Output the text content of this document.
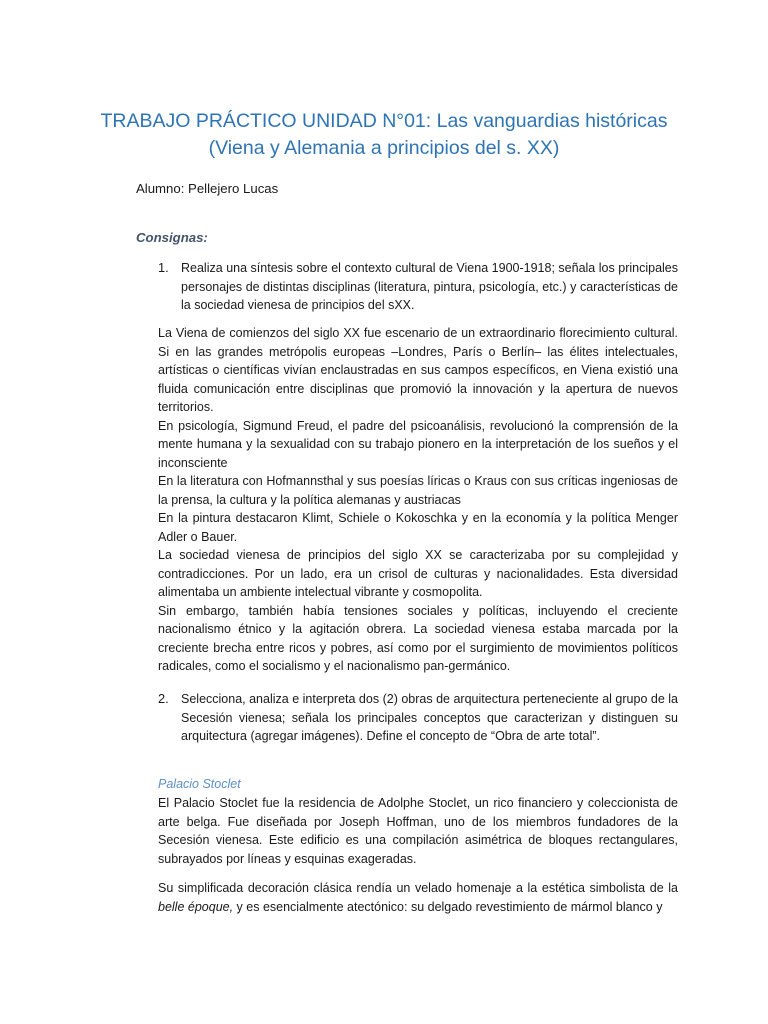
TRABAJO PRÁCTICO UNIDAD N°01: Las vanguardias históricas
(Viena y Alemania a principios del s. XX)

Alumno: Pellejero Lucas

Consignas:

1. Realiza una síntesis sobre el contexto cultural de Viena 1900-1918; señala los principales personajes de distintas disciplinas (literatura, pintura, psicología, etc.) y características de la sociedad vienesa de principios del sXX.

La Viena de comienzos del siglo XX fue escenario de un extraordinario florecimiento cultural. Si en las grandes metrópolis europeas –Londres, París o Berlín– las élites intelectuales, artísticas o científicas vivían enclaustradas en sus campos específicos, en Viena existió una fluida comunicación entre disciplinas que promovió la innovación y la apertura de nuevos territorios.

En psicología, Sigmund Freud, el padre del psicoanálisis, revolucionó la comprensión de la mente humana y la sexualidad con su trabajo pionero en la interpretación de los sueños y el inconsciente

En la literatura con Hofmannsthal y sus poesías líricas o Kraus con sus críticas ingeniosas de la prensa, la cultura y la política alemanas y austriacas

En la pintura destacaron Klimt, Schiele o Kokoschka y en la economía y la política Menger Adler o Bauer.

La sociedad vienesa de principios del siglo XX se caracterizaba por su complejidad y contradicciones. Por un lado, era un crisol de culturas y nacionalidades. Esta diversidad alimentaba un ambiente intelectual vibrante y cosmopolita.

Sin embargo, también había tensiones sociales y políticas, incluyendo el creciente nacionalismo étnico y la agitación obrera. La sociedad vienesa estaba marcada por la creciente brecha entre ricos y pobres, así como por el surgimiento de movimientos políticos radicales, como el socialismo y el nacionalismo pan-germánico.

2. Selecciona, analiza e interpreta dos (2) obras de arquitectura perteneciente al grupo de la Secesión vienesa; señala los principales conceptos que caracterizan y distinguen su arquitectura (agregar imágenes). Define el concepto de “Obra de arte total”.

Palacio Stoclet

El Palacio Stoclet fue la residencia de Adolphe Stoclet, un rico financiero y coleccionista de arte belga. Fue diseñada por Joseph Hoffman, uno de los miembros fundadores de la Secesión vienesa. Este edificio es una compilación asimétrica de bloques rectangulares, subrayados por líneas y esquinas exageradas.

Su simplificada decoración clásica rendía un velado homenaje a la estética simbolista de la belle époque, y es esencialmente atectónico: su delgado revestimiento de mármol blanco y
